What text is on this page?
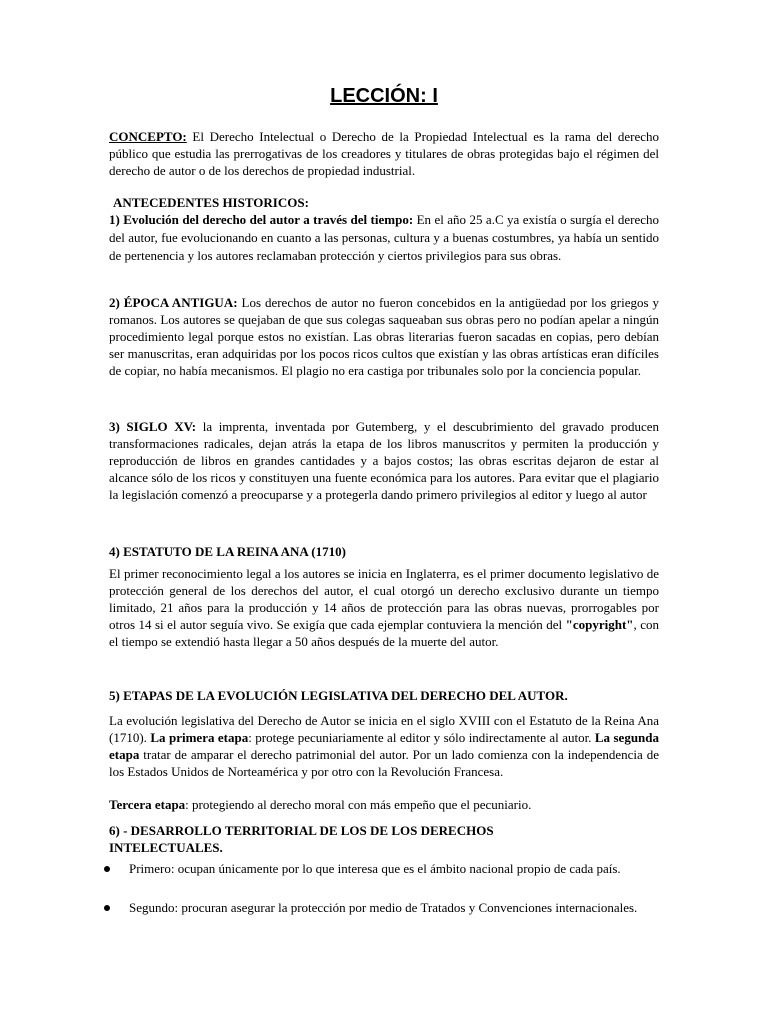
LECCIÓN: I
CONCEPTO: El Derecho Intelectual o Derecho de la Propiedad Intelectual es la rama del derecho público que estudia las prerrogativas de los creadores y titulares de obras protegidas bajo el régimen del derecho de autor o de los derechos de propiedad industrial.
ANTECEDENTES HISTORICOS:
1) Evolución del derecho del autor a través del tiempo: En el año 25 a.C ya existía o surgía el derecho del autor, fue evolucionando en cuanto a las personas, cultura y a buenas costumbres, ya había un sentido de pertenencia y los autores reclamaban protección y ciertos privilegios para sus obras.
2) ÉPOCA ANTIGUA: Los derechos de autor no fueron concebidos en la antigüedad por los griegos y romanos. Los autores se quejaban de que sus colegas saqueaban sus obras pero no podían apelar a ningún procedimiento legal porque estos no existían. Las obras literarias fueron sacadas en copias, pero debían ser manuscritas, eran adquiridas por los pocos ricos cultos que existían y las obras artísticas eran difíciles de copiar, no había mecanismos. El plagio no era castiga por tribunales solo por la conciencia popular.
3) SIGLO XV: la imprenta, inventada por Gutemberg, y el descubrimiento del gravado producen transformaciones radicales, dejan atrás la etapa de los libros manuscritos y permiten la producción y reproducción de libros en grandes cantidades y a bajos costos; las obras escritas dejaron de estar al alcance sólo de los ricos y constituyen una fuente económica para los autores. Para evitar que el plagiario la legislación comenzó a preocuparse y a protegerla dando primero privilegios al editor y luego al autor
4) ESTATUTO DE LA REINA ANA (1710)
El primer reconocimiento legal a los autores se inicia en Inglaterra, es el primer documento legislativo de protección general de los derechos del autor, el cual otorgó un derecho exclusivo durante un tiempo limitado, 21 años para la producción y 14 años de protección para las obras nuevas, prorrogables por otros 14 si el autor seguía vivo. Se exigía que cada ejemplar contuviera la mención del "copyright", con el tiempo se extendió hasta llegar a 50 años después de la muerte del autor.
5) ETAPAS DE LA EVOLUCIÓN LEGISLATIVA DEL DERECHO DEL AUTOR.
La evolución legislativa del Derecho de Autor se inicia en el siglo XVIII con el Estatuto de la Reina Ana (1710). La primera etapa: protege pecuniariamente al editor y sólo indirectamente al autor. La segunda etapa tratar de amparar el derecho patrimonial del autor. Por un lado comienza con la independencia de los Estados Unidos de Norteamérica y por otro con la Revolución Francesa.
Tercera etapa: protegiendo al derecho moral con más empeño que el pecuniario.
6) - DESARROLLO TERRITORIAL DE LOS DE LOS DERECHOS INTELECTUALES.
Primero: ocupan únicamente por lo que interesa que es el ámbito nacional propio de cada país.
Segundo: procuran asegurar la protección por medio de Tratados y Convenciones internacionales.
